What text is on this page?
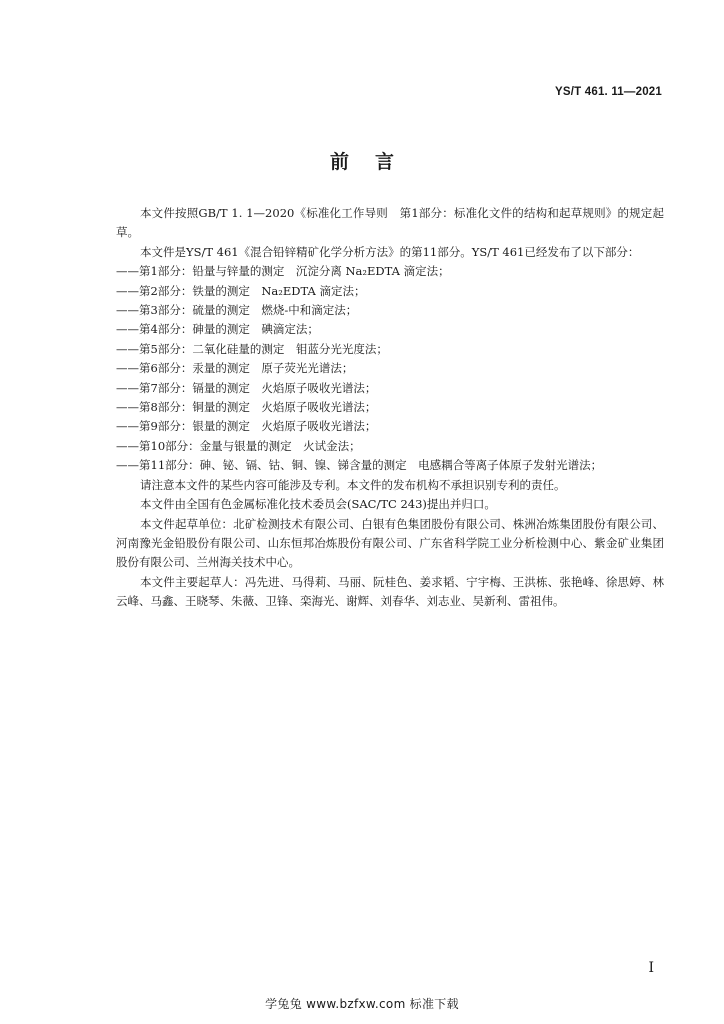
YS/T 461. 11—2021
前言

本文件按照GB/T 1. 1—2020《标准化工作导则　第1部分：标准化文件的结构和起草规则》的规定起草。

本文件是YS/T 461《混合铅锌精矿化学分析方法》的第11部分。YS/T 461已经发布了以下部分：

——第1部分：铅量与锌量的测定　沉淀分离 Na₂EDTA 滴定法；

——第2部分：铁量的测定　Na₂EDTA 滴定法；

——第3部分：硫量的测定　燃烧-中和滴定法；

——第4部分：砷量的测定　碘滴定法；

——第5部分：二氧化硅量的测定　钼蓝分光光度法；

——第6部分：汞量的测定　原子荧光光谱法；

——第7部分：镉量的测定　火焰原子吸收光谱法；

——第8部分：铜量的测定　火焰原子吸收光谱法；

——第9部分：银量的测定　火焰原子吸收光谱法；

——第10部分：金量与银量的测定　火试金法；

——第11部分：砷、铋、镉、钴、铜、镍、锑含量的测定　电感耦合等离子体原子发射光谱法；

请注意本文件的某些内容可能涉及专利。本文件的发布机构不承担识别专利的责任。

本文件由全国有色金属标准化技术委员会(SAC/TC 243)提出并归口。

本文件起草单位：北矿检测技术有限公司、白银有色集团股份有限公司、株洲冶炼集团股份有限公司、河南豫光金铅股份有限公司、山东恒邦冶炼股份有限公司、广东省科学院工业分析检测中心、紫金矿业集团股份有限公司、兰州海关技术中心。

本文件主要起草人：冯先进、马得莉、马丽、阮桂色、姜求韬、宁宇梅、王洪栋、张艳峰、徐思婷、林云峰、马鑫、王晓琴、朱薇、卫锋、栾海光、谢辉、刘春华、刘志业、吴新利、雷祖伟。

I
学兔兔 www.bzfxw.com 标准下载
